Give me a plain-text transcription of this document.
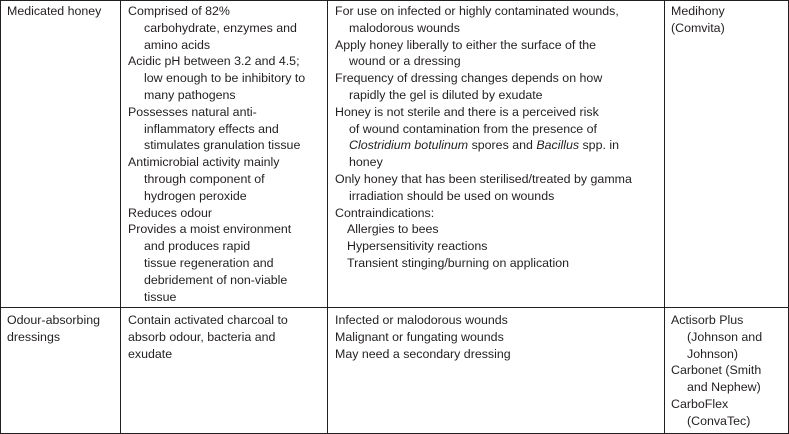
Medicated honey Comprised of 82%
carbohydrate, enzymes and
amino acids
Acidic pH between 3.2 and 4.5;
low enough to be inhibitory to
many pathogens
Possesses natural anti-
inflammatory effects and
stimulates granulation tissue
Antimicrobial activity mainly
through component of
hydrogen peroxide
Reduces odour
Provides a moist environment
and produces rapid
tissue regeneration and
debridement of non-viable
tissue
For use on infected or highly contaminated wounds,
malodorous wounds
Apply honey liberally to either the surface of the
wound or a dressing
Frequency of dressing changes depends on how
rapidly the gel is diluted by exudate
Honey is not sterile and there is a perceived risk
of wound contamination from the presence of
Clostridium botulinum spores and Bacillus spp. in
honey
Only honey that has been sterilised/treated by gamma
irradiation should be used on wounds
Contraindications:
Allergies to bees
Hypersensitivity reactions
Transient stinging/burning on application
Medihony
(Comvita)
Odour-absorbing
dressings
Contain activated charcoal to
absorb odour, bacteria and
exudate
Infected or malodorous wounds
Malignant or fungating wounds
May need a secondary dressing
Actisorb Plus
(Johnson and
Johnson)
Carbonet (Smith
and Nephew)
CarboFlex
(ConvaTec)
